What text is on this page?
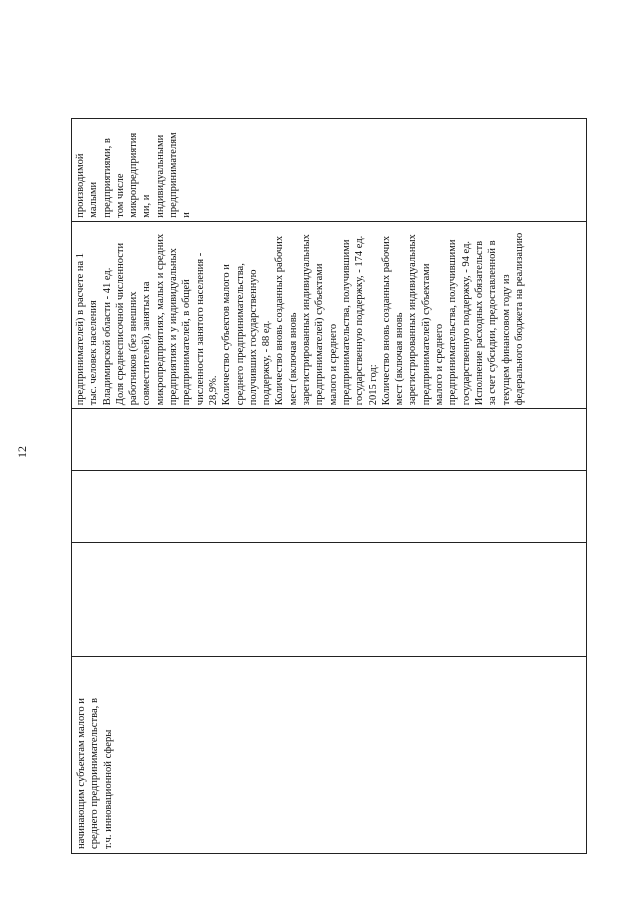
12
начинающим субъектам малого и среднего предпринимательства, в т.ч. инновационной сферы
предпринимателей) в расчете на 1 тыс. человек населения Владимирской области - 41 ед. Доля среднесписочной численности работников (без внешних совместителей), занятых на микропредприятиях, малых и средних предприятиях и у индивидуальных предпринимателей, в общей численности занятого населения - 28,9%. Количество субъектов малого и среднего предпринимательства, получивших государственную поддержку, - 88 ед. Количество вновь созданных рабочих мест (включая вновь зарегистрированных индивидуальных предпринимателей) субъектами малого и среднего предпринимательства, получившими государственную поддержку, - 174 ед. 2015 год: Количество вновь созданных рабочих мест (включая вновь зарегистрированных индивидуальных предпринимателей) субъектами малого и среднего предпринимательства, получившими государственную поддержку, - 94 ед. Исполнение расходных обязательств за счет субсидии, предоставленной в текущем финансовом году из федерального бюджета на реализацию
производимой малыми предприятиями, в том числе микропредприятия ми, и индивидуальными предпринимателям и
